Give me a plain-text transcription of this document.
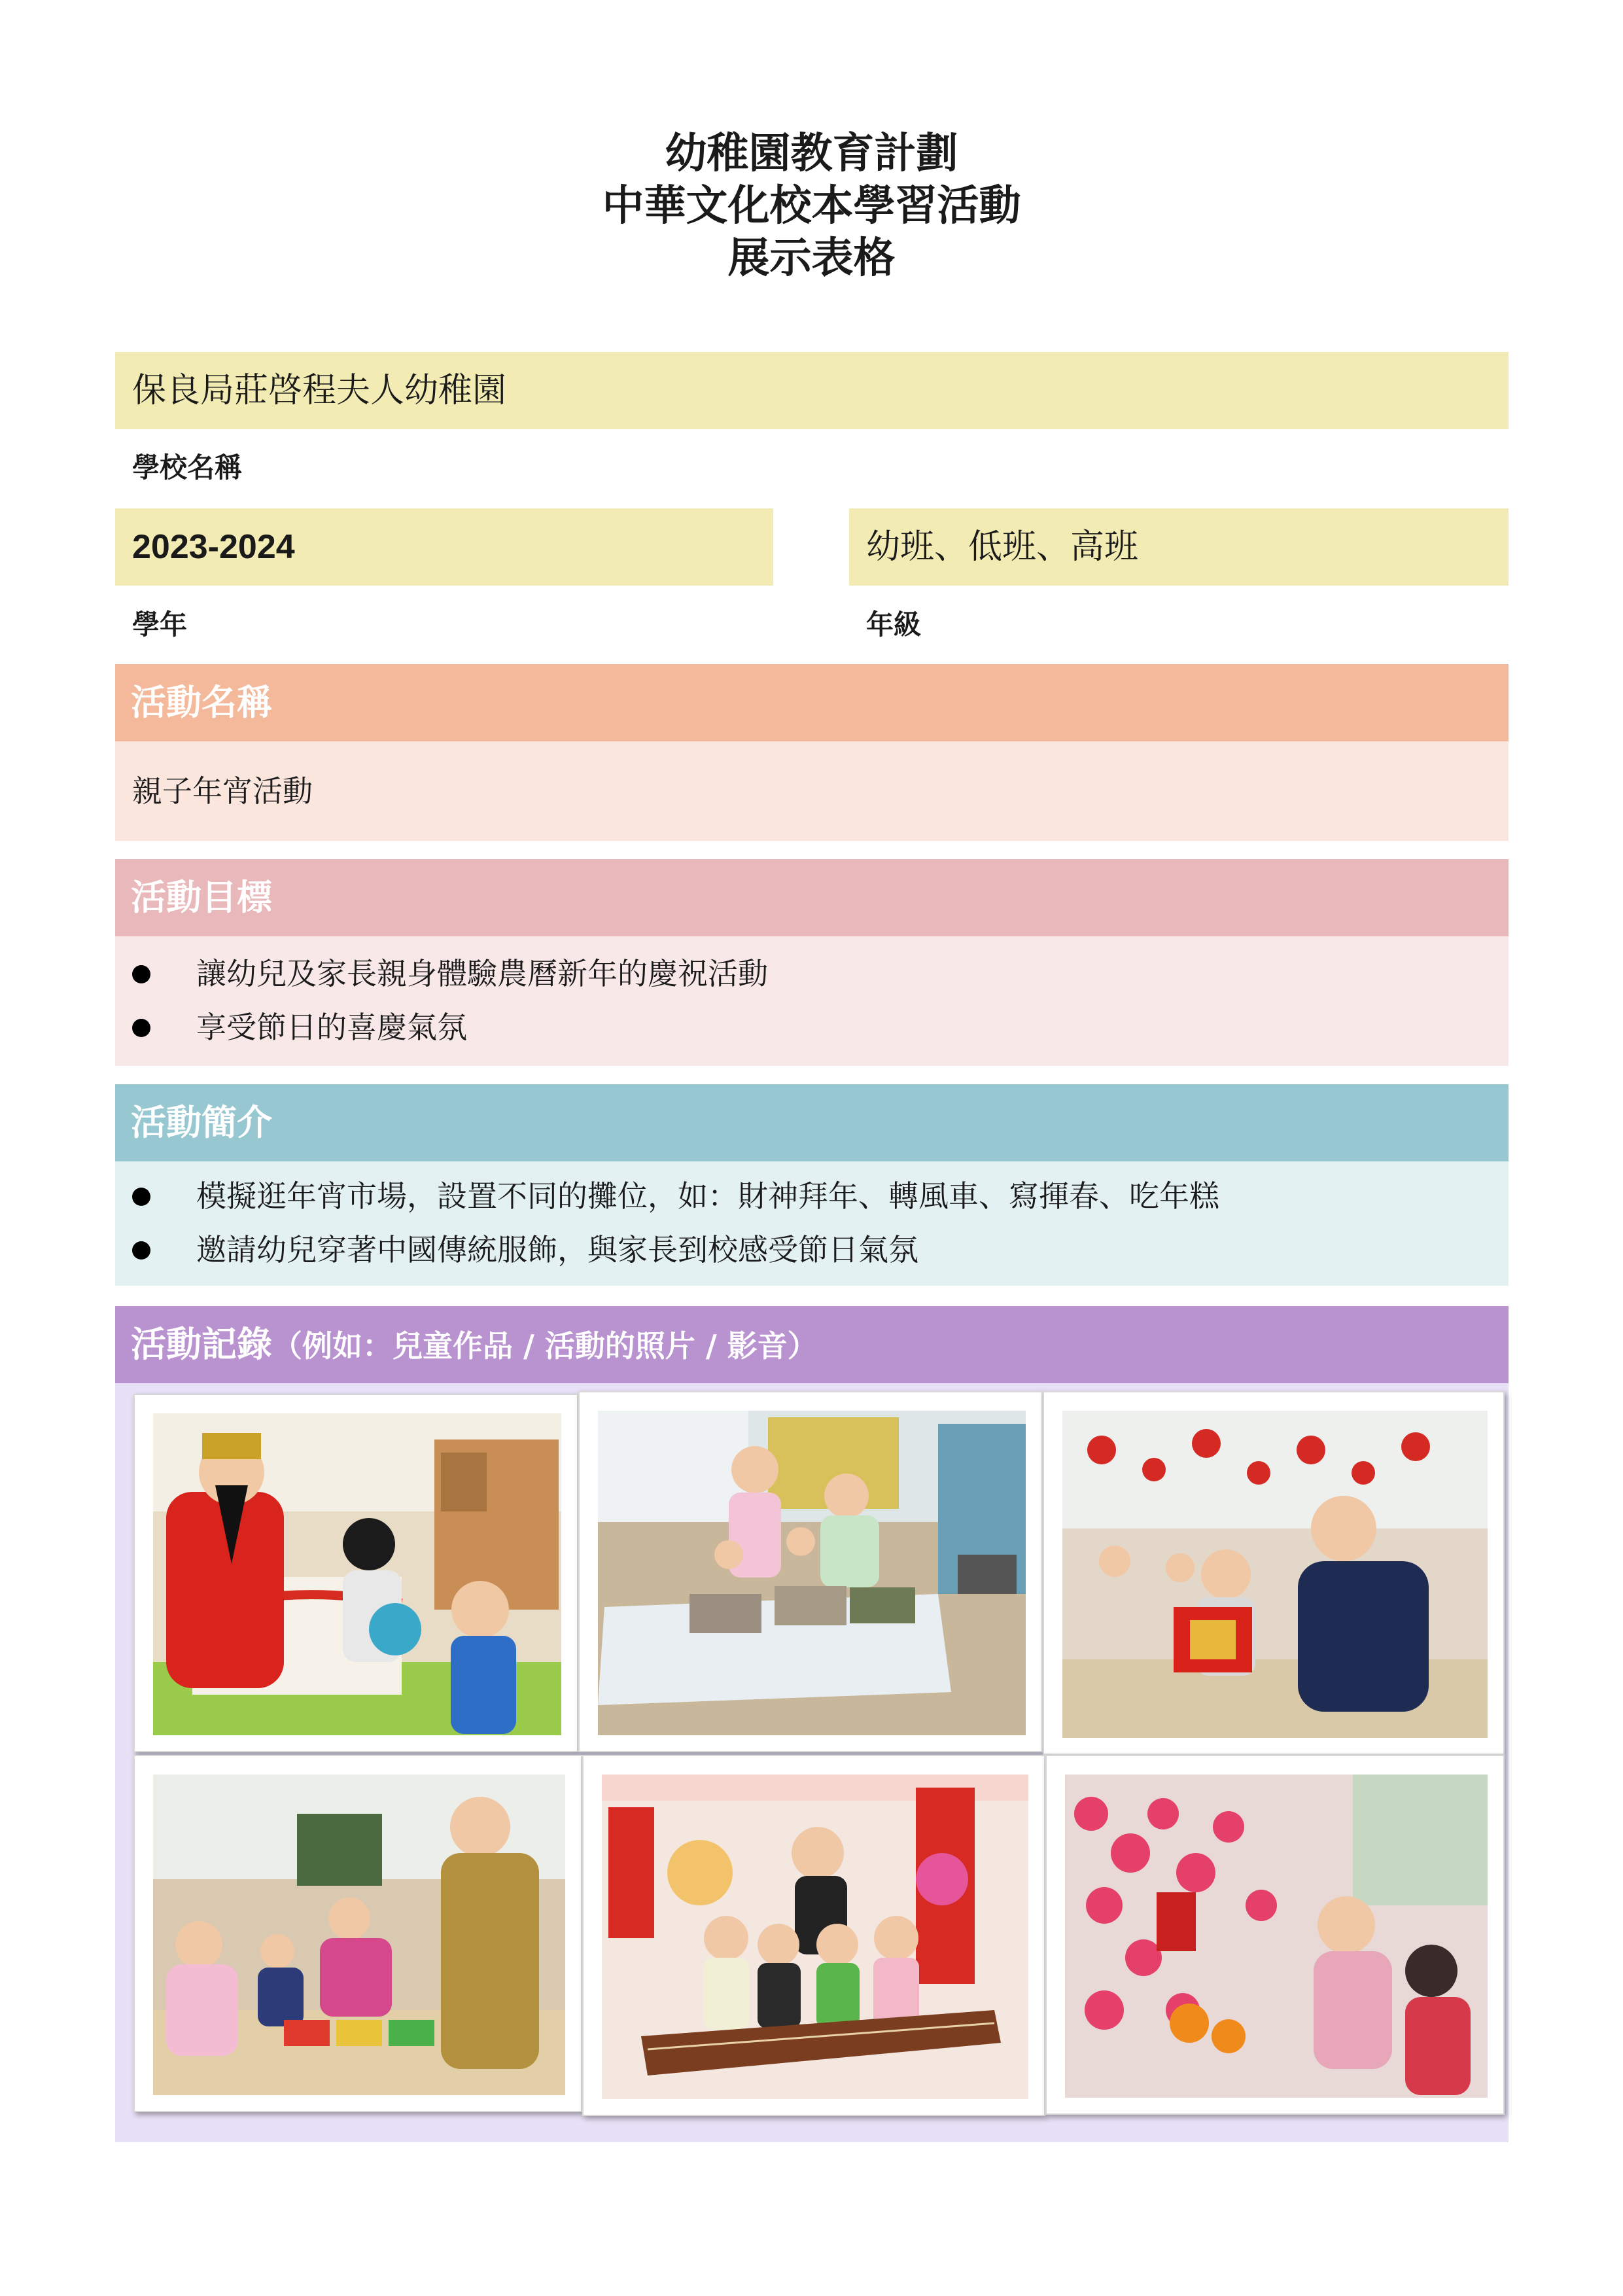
幼稚園教育計劃
中華文化校本學習活動
展示表格
保良局莊啓程夫人幼稚園
學校名稱
2023-2024
學年
幼班、低班、高班
年級
活動名稱
親子年宵活動
活動目標
讓幼兒及家長親身體驗農曆新年的慶祝活動
享受節日的喜慶氣氛
活動簡介
模擬逛年宵市場，設置不同的攤位，如：財神拜年、轉風車、寫揮春、吃年糕
邀請幼兒穿著中國傳統服飾，與家長到校感受節日氣氛
活動記錄（例如：兒童作品 / 活動的照片 / 影音）
